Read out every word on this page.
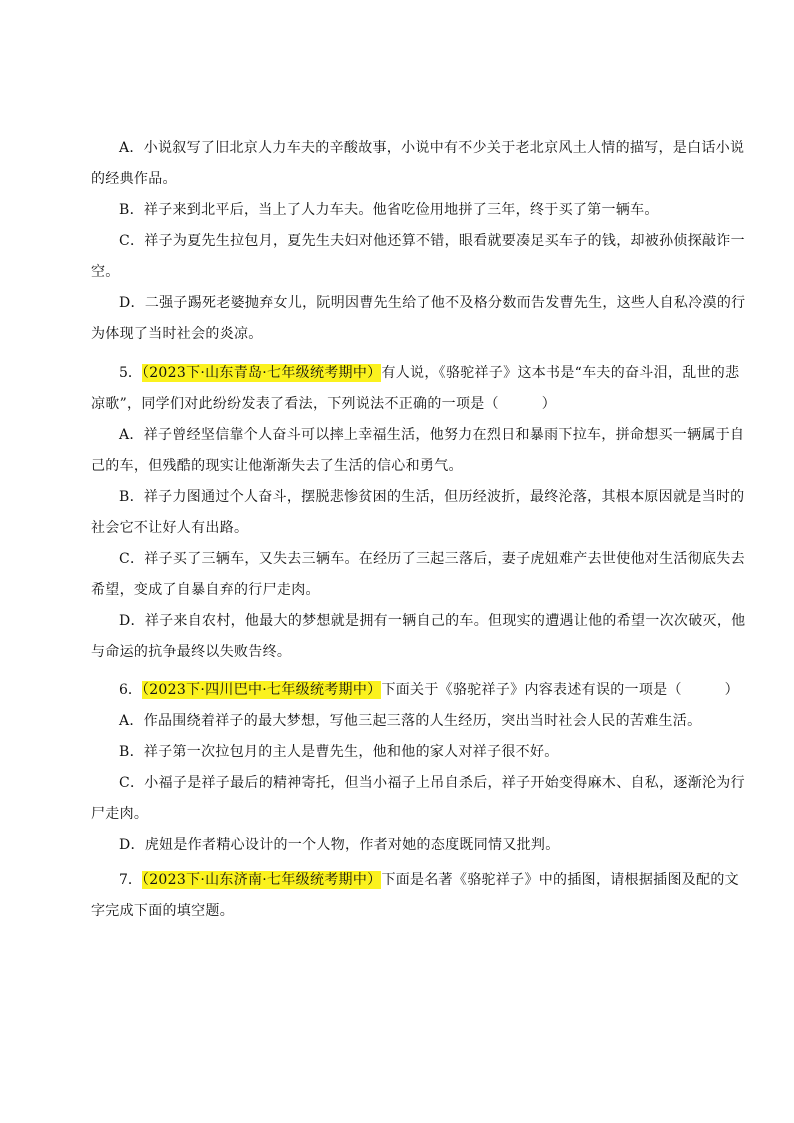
A．小说叙写了旧北京人力车夫的辛酸故事，小说中有不少关于老北京风土人情的描写，是白话小说
的经典作品。
B．祥子来到北平后，当上了人力车夫。他省吃俭用地拼了三年，终于买了第一辆车。
C．祥子为夏先生拉包月，夏先生夫妇对他还算不错，眼看就要凑足买车子的钱，却被孙侦探敲诈一
空。
D．二强子踢死老婆抛弃女儿，阮明因曹先生给了他不及格分数而告发曹先生，这些人自私冷漠的行
为体现了当时社会的炎凉。
5．（2023下·山东青岛·七年级统考期中）有人说，《骆驼祥子》这本书是“车夫的奋斗泪，乱世的悲
凉歌”，同学们对此纷纷发表了看法，下列说法不正确的一项是（　　　）
A．祥子曾经坚信靠个人奋斗可以摔上幸福生活，他努力在烈日和暴雨下拉车，拼命想买一辆属于自
己的车，但残酷的现实让他渐渐失去了生活的信心和勇气。
B．祥子力图通过个人奋斗，摆脱悲惨贫困的生活，但历经波折，最终沦落，其根本原因就是当时的
社会它不让好人有出路。
C．祥子买了三辆车，又失去三辆车。在经历了三起三落后，妻子虎妞难产去世使他对生活彻底失去
希望，变成了自暴自弃的行尸走肉。
D．祥子来自农村，他最大的梦想就是拥有一辆自己的车。但现实的遭遇让他的希望一次次破灭，他
与命运的抗争最终以失败告终。
6．（2023下·四川巴中·七年级统考期中）下面关于《骆驼祥子》内容表述有误的一项是（　　　）
A．作品围绕着祥子的最大梦想，写他三起三落的人生经历，突出当时社会人民的苦难生活。
B．祥子第一次拉包月的主人是曹先生，他和他的家人对祥子很不好。
C．小福子是祥子最后的精神寄托，但当小福子上吊自杀后，祥子开始变得麻木、自私，逐渐沦为行
尸走肉。
D．虎妞是作者精心设计的一个人物，作者对她的态度既同情又批判。
7．（2023下·山东济南·七年级统考期中）下面是名著《骆驼祥子》中的插图，请根据插图及配的文
字完成下面的填空题。
